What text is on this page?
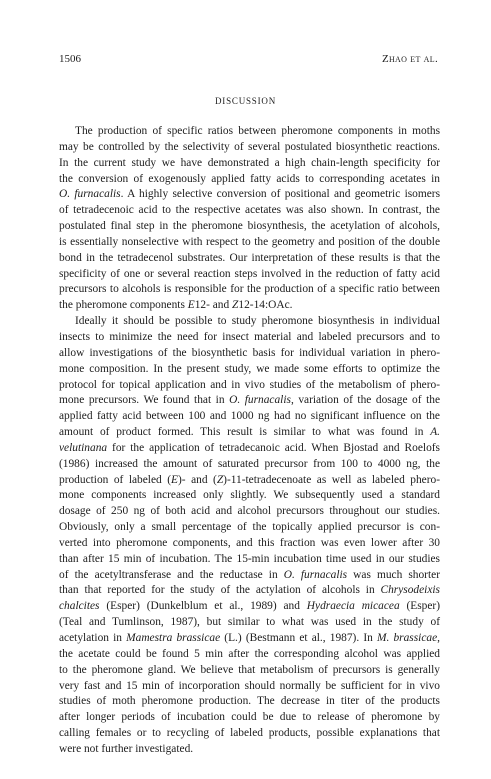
1506	Zhao et al.
DISCUSSION
The production of specific ratios between pheromone components in moths
may be controlled by the selectivity of several postulated biosynthetic reactions.
In the current study we have demonstrated a high chain-length specificity for
the conversion of exogenously applied fatty acids to corresponding acetates in
O. furnacalis. A highly selective conversion of positional and geometric isomers
of tetradecenoic acid to the respective acetates was also shown. In contrast, the
postulated final step in the pheromone biosynthesis, the acetylation of alcohols,
is essentially nonselective with respect to the geometry and position of the double
bond in the tetradecenol substrates. Our interpretation of these results is that the
specificity of one or several reaction steps involved in the reduction of fatty acid
precursors to alcohols is responsible for the production of a specific ratio between
the pheromone components E12- and Z12-14:OAc.
Ideally it should be possible to study pheromone biosynthesis in individual
insects to minimize the need for insect material and labeled precursors and to
allow investigations of the biosynthetic basis for individual variation in phero-
mone composition. In the present study, we made some efforts to optimize the
protocol for topical application and in vivo studies of the metabolism of phero-
mone precursors. We found that in O. furnacalis, variation of the dosage of the
applied fatty acid between 100 and 1000 ng had no significant influence on the
amount of product formed. This result is similar to what was found in A.
velutinana for the application of tetradecanoic acid. When Bjostad and Roelofs
(1986) increased the amount of saturated precursor from 100 to 4000 ng, the
production of labeled (E)- and (Z)-11-tetradecenoate as well as labeled phero-
mone components increased only slightly. We subsequently used a standard
dosage of 250 ng of both acid and alcohol precursors throughout our studies.
Obviously, only a small percentage of the topically applied precursor is con-
verted into pheromone components, and this fraction was even lower after 30
than after 15 min of incubation. The 15-min incubation time used in our studies
of the acetyltransferase and the reductase in O. furnacalis was much shorter
than that reported for the study of the actylation of alcohols in Chrysodeixis
chalcites (Esper) (Dunkelblum et al., 1989) and Hydraecia micacea (Esper)
(Teal and Tumlinson, 1987), but similar to what was used in the study of
acetylation in Mamestra brassicae (L.) (Bestmann et al., 1987). In M. brassicae,
the acetate could be found 5 min after the corresponding alcohol was applied
to the pheromone gland. We believe that metabolism of precursors is generally
very fast and 15 min of incorporation should normally be sufficient for in vivo
studies of moth pheromone production. The decrease in titer of the products
after longer periods of incubation could be due to release of pheromone by
calling females or to recycling of labeled products, possible explanations that
were not further investigated.
